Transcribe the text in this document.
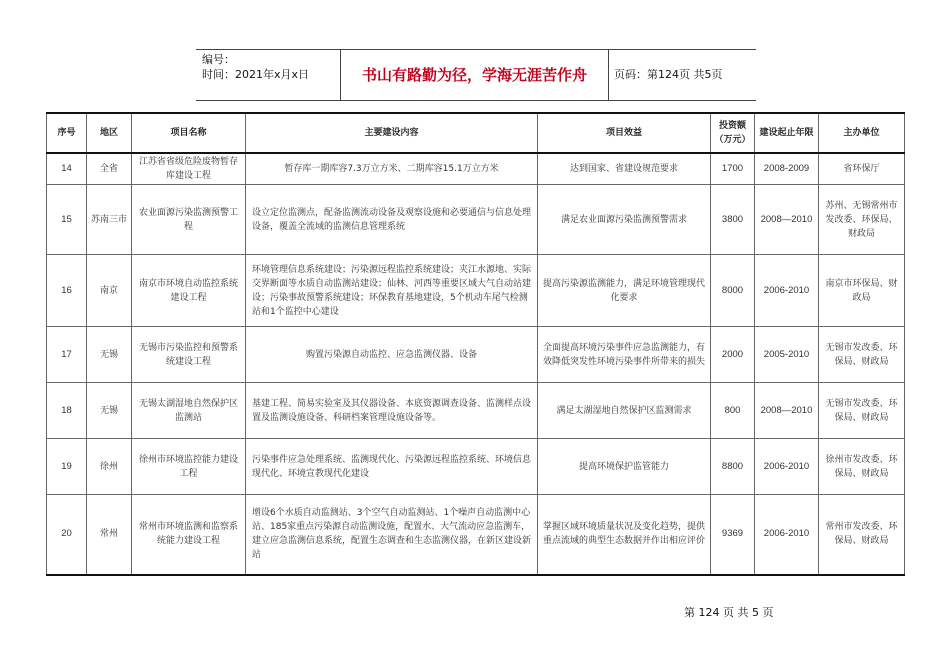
编号：
时间：2021年x月x日	书山有路勤为径，学海无涯苦作舟	页码：第124页 共5页
序号	地区	项目名称	主要建设内容	项目效益	投资额（万元）	建设起止年限	主办单位
14	全省	江苏省省级危险废物暂存库建设工程	暂存库一期库容7.3万立方米、二期库容15.1万立方米	达到国家、省建设规范要求	1700	2008-2009	省环保厅
15	苏南三市	农业面源污染监测预警工程	设立定位监测点，配备监测流动设备及观察设施和必要通信与信息处理设备，覆盖全流域的监测信息管理系统	满足农业面源污染监测预警需求	3800	2008—2010	苏州、无锡常州市发改委、环保局、财政局
16	南京	南京市环境自动监控系统建设工程	环境管理信息系统建设；污染源远程监控系统建设；夹江水源地、实际交界断面等水质自动监测站建设；仙林、河西等重要区域大气自动站建设；污染事故预警系统建设；环保教育基地建设，5个机动车尾气检测站和1个监控中心建设	提高污染源监测能力，满足环境管理现代化要求	8000	2006-2010	南京市环保局、财政局
17	无锡	无锡市污染监控和预警系统建设工程	购置污染源自动监控、应急监测仪器、设备	全面提高环境污染事件应急监测能力，有效降低突发性环境污染事件所带来的损失	2000	2005-2010	无锡市发改委、环保局、财政局
18	无锡	无锡太湖湿地自然保护区监测站	基建工程、简易实验室及其仪器设备、本底资源调查设备、监测样点设置及监测设施设备、科研档案管理设施设备等。	满足太湖湿地自然保护区监测需求	800	2008—2010	无锡市发改委、环保局、财政局
19	徐州	徐州市环境监控能力建设工程	污染事件应急处理系统、监测现代化、污染源远程监控系统、环境信息现代化、环境宣教现代化建设	提高环境保护监管能力	8800	2006-2010	徐州市发改委、环保局、财政局
20	常州	常州市环境监测和监察系统能力建设工程	增设6个水质自动监测站、3个空气自动监测站、1个噪声自动监测中心站、185家重点污染源自动监测设施，配置水、大气流动应急监测车，建立应急监测信息系统，配置生态调查和生态监测仪器，在新区建设新站	掌握区域环境质量状况及变化趋势，提供重点流域的典型生态数据并作出相应评价	9369	2006-2010	常州市发改委、环保局、财政局
第 124 页 共 5 页
